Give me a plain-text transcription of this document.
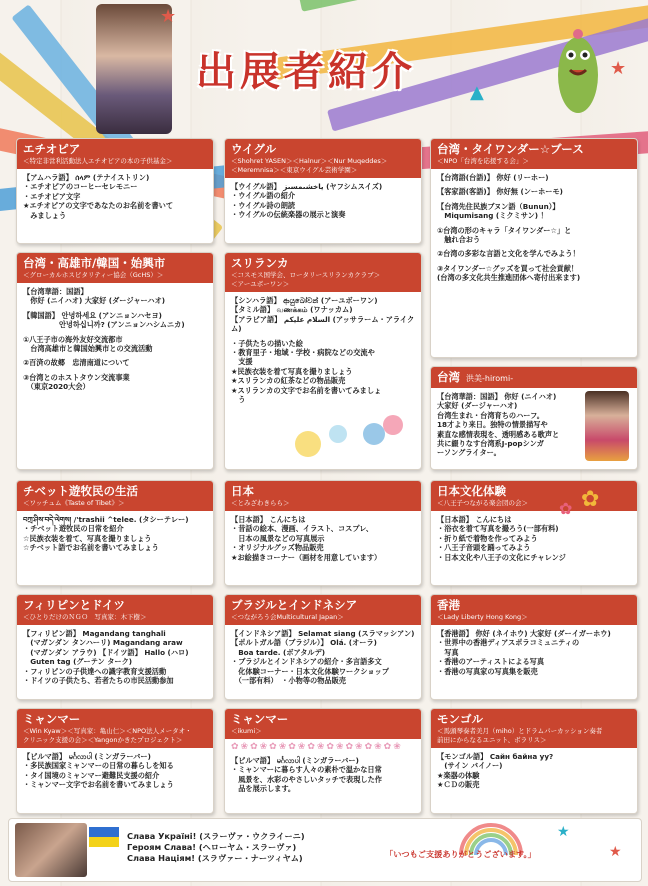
★
▲
★
出展者紹介
エチオピア
＜特定非営利活動法人エチオピアの本の子供基金＞
【アムハラ語】 ሰላም (テナイストリン)
・エチオピアのコーヒーセレモニー
・エチオピア文字
★エチオピアの文字であなたのお名前を書いて
　みましょう
ウイグル
＜Shohret YASEN＞＜Halnur＞＜Nur Muqeddes＞
＜Meremnisa＞＜東京ウイグル芸術学園＞
【ウイグル語】 ياخشىمسىز (ヤフシムスイズ)
・ウイグル語の紹介
・ウイグル詩の朗読
・ウイグルの伝統楽器の展示と演奏
台湾・タイワンダー☆ブース
＜NPO「台湾を応援する会」＞
【台湾語(台語)】 你好 (リーホー)
【客家語(客語)】 你好無 (ンーホーモ)
【台湾先住民族ブヌン語（Bunun）】
　Miqumisang (ミクミサン) ！
①台湾の形のキャラ「タイワンダー☆」と
　触れ合おう
②台湾の多彩な言語と文化を学んでみよう！
③タイワンダー☆グッズを買って社会貢献！
(台湾の多文化共生推進団体へ寄付出来ます)
台湾・高雄市/韓国・始興市
＜グローカルホスピタリティー協会（GcHS）＞
【台湾華語：国語】
　你好 (ニイハオ) 大家好 (ダージャーハオ)
【韓国語】 안녕하세요 (アンニョンハセヨ)
　　　　　안녕하십니까? (アンニョンハシムニカ)
①八王子市の海外友好交流都市
　台湾高雄市と韓国始興市との交流活動
②百済の故郷　忠清南道について
③台湾とのホストタウン交流事業
　（東京2020大会）
スリランカ
＜コスモス国学会、ロータリースリランカクラブ＞
＜アーユボーワン＞
【シンハラ語】 ආයුබෝවන් (アーユボーワン)
【タミル語】 வணக்கம் (ワナッカム)
【アラビア語】 السلام عليكم (アッサラーム・アライクム)
・子供たちの描いた絵
・教育里子・地域・学校・病院などの交流や
　支援
★民族衣装を着て写真を撮りましょう
★スリランカの紅茶などの物品販売
★スリランカの文字でお名前を書いてみましょ
　う
台湾 洪美-hiromi-
【台湾華語：国語】 你好 (ニイハオ)
大家好 (ダージャーハオ)
台湾生まれ・台湾育ちのハーフ。
18才より来日。独特の情景描写や
素直な感情表現を、透明感ある歌声と
共に綴りなす台湾系J-popシンガ
ーソングライター。
チベット遊牧民の生活
＜ワッチュム《Taste of Tibet》＞
བཀྲ་ཤིས་བདེ་ལེགས། /'trashii ^telee. (タシーテレー)
・チベット遊牧民の日常を紹介
☆民族衣装を着て、写真を撮りましょう
☆チベット語でお名前を書いてみましょう
日本
＜とみざわきらら＞
【日本語】 こんにちは
・昔話の絵本、漫画、イラスト、コスプレ、
　日本の風景などの写真展示
・オリジナルグッズ物品販売
★お絵描きコーナー（画材を用意しています）
日本文化体験
＜八王子つながる楽会団の会＞
【日本語】 こんにちは
・浴衣を着て写真を撮ろう(一部有料)
・折り紙で着物を作ってみよう
・八王子音頭を踊ってみよう
・日本文化や八王子の文化にチャレンジ
✿
✿
フィリピンとドイツ
＜ひとりだけのＮＧＯ　写真家：木下樹＞
【フィリピン語】 Magandang tanghali
　(マガンダン タンハーリ) Magandang araw
　(マガンダン アラウ) 【ドイツ語】 Hallo (ハロ)
　Guten tag (グーテン ターク)
・フィリピンの子供達への識字教育支援活動
・ドイツの子供たち、若者たちの市民活動参加
ブラジルとインドネシア
＜つながろう会Multicultural Japan＞
【インドネシア語】 Selamat siang (スラマッシアン)
【ポルトガル語（ブラジル）】 Olá. (オーラ)
　Boa tarde. (ボアタルデ)
・ブラジルとインドネシアの紹介・多言語多文
　化体験コーナー・日本文化体験ワークショップ
　（一部有料）　・小物等の物品販売
香港
＜Lady Liberty Hong Kong＞
【香港語】 你好 (ネイホウ) 大家好 (ダーイガーホウ)
・世界中の香港ディアスポラコミュニティの
　写真
・香港のアーティストによる写真
・香港の写真家の写真集を販売
ミャンマー
＜Win Kyaw＞＜写真家：亀山仁＞＜NPO法人メータオ・
クリニック支援の会＞＜Yangonかきたプロジェクト＞
【ビルマ語】 မင်္ဂလာပါ (ミンガラーバー)
・多民族国家ミャンマーの日常の暮らしを知る
・タイ国境のミャンマー避難民支援の紹介
・ミャンマー文字でお名前を書いてみましょう
ミャンマー
＜ikumi＞
✿❀✿❀✿❀✿❀✿❀✿❀✿❀✿❀✿❀
【ビルマ語】 မင်္ဂလာပါ (ミンガラーバー)
・ミャンマーに暮らす人々の素朴で温かな日常
　風景を、水彩のやさしいタッチで表現した作
　品を展示します。
モンゴル
＜馬頭琴奏者美月（miho）とドラムパーカッション奏者
前田にからなるユニット、ボラリス＞
【モンゴル語】 Сайн байна уу?
　(サイン バイノー)
★楽器の体験
★ＣＤの販売
Слава Україні! (スラーヴァ・ウクライーニ)
Героям Слава! (ヘローヤム・スラーヴァ)
Слава Націям! (スラヴァー・ナーツィヤム)	「いつもご支援ありがとうございます。」
★
★
